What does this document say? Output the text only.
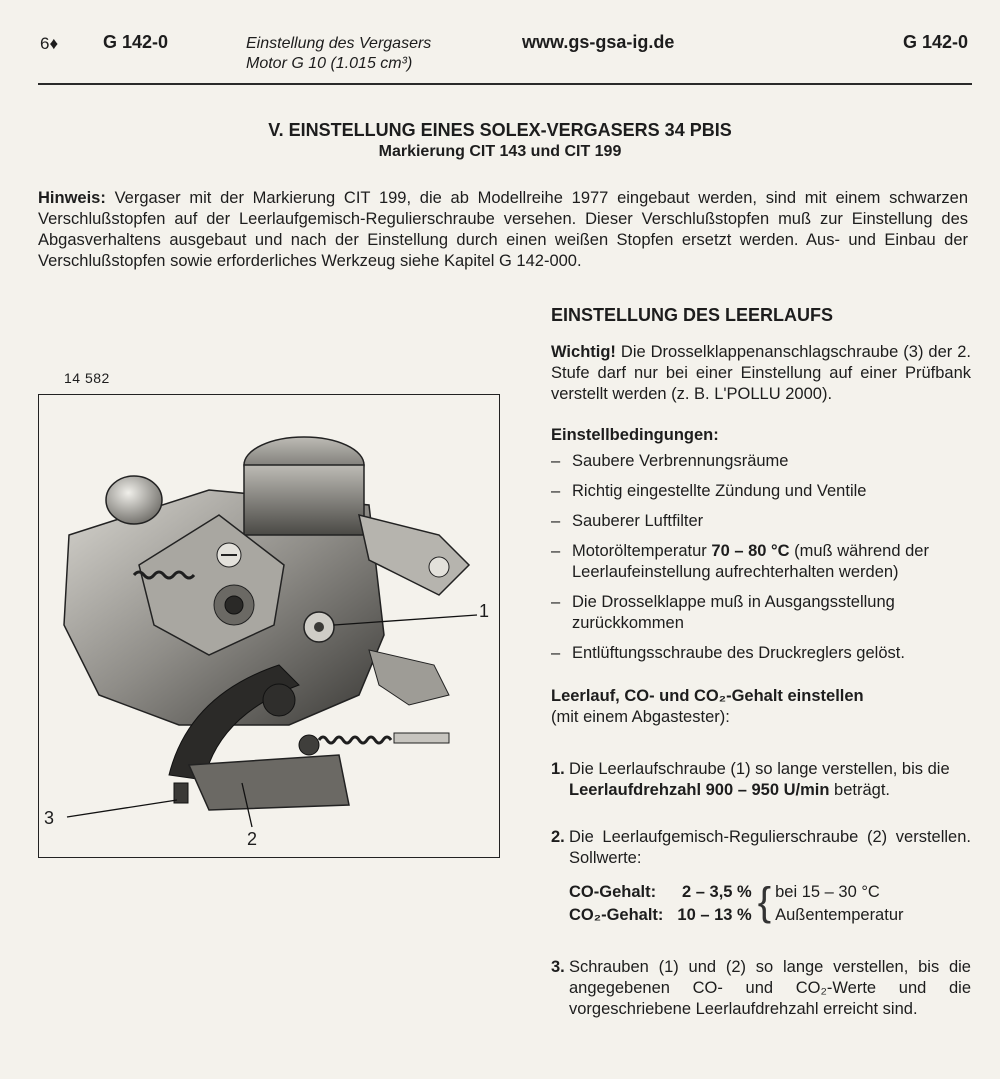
6♦ G 142-0	Einstellung des Vergasers
Motor G 10 (1.015 cm³)
www.gs-gsa-ig.de	G 142-0
V. EINSTELLUNG EINES SOLEX-VERGASERS 34 PBIS
Markierung CIT 143 und CIT 199
Hinweis: Vergaser mit der Markierung CIT 199, die ab Modellreihe 1977 eingebaut werden, sind mit einem schwarzen Verschlußstopfen auf der Leerlaufgemisch-Regulierschraube versehen. Dieser Verschlußstopfen muß zur Einstellung des Abgasverhaltens ausgebaut und nach der Einstellung durch einen weißen Stopfen ersetzt werden. Aus- und Einbau der Verschlußstopfen sowie erforderliches Werkzeug siehe Kapitel G 142-000.
14 582
1
2
3
EINSTELLUNG DES LEERLAUFS
Wichtig! Die Drosselklappenanschlagschraube (3) der 2. Stufe darf nur bei einer Einstellung auf einer Prüfbank verstellt werden (z. B. L'POLLU 2000).
Einstellbedingungen:
– Saubere Verbrennungsräume
– Richtig eingestellte Zündung und Ventile
– Sauberer Luftfilter
– Motoröltemperatur 70 – 80 °C (muß während der Leerlaufeinstellung aufrechterhalten werden)
– Die Drosselklappe muß in Ausgangsstellung zurückkommen
– Entlüftungsschraube des Druckreglers gelöst.
Leerlauf, CO- und CO₂-Gehalt einstellen
(mit einem Abgastester):
1. Die Leerlaufschraube (1) so lange verstellen, bis die Leerlaufdrehzahl 900 – 950 U/min beträgt.
2. Die Leerlaufgemisch-Regulierschraube (2) verstellen. Sollwerte:
CO-Gehalt:	2 – 3,5 %	{	bei 15 – 30 °C
CO₂-Gehalt:	10 – 13 %		Außentemperatur
3. Schrauben (1) und (2) so lange verstellen, bis die angegebenen CO- und CO₂-Werte und die vorgeschriebene Leerlaufdrehzahl erreicht sind.
